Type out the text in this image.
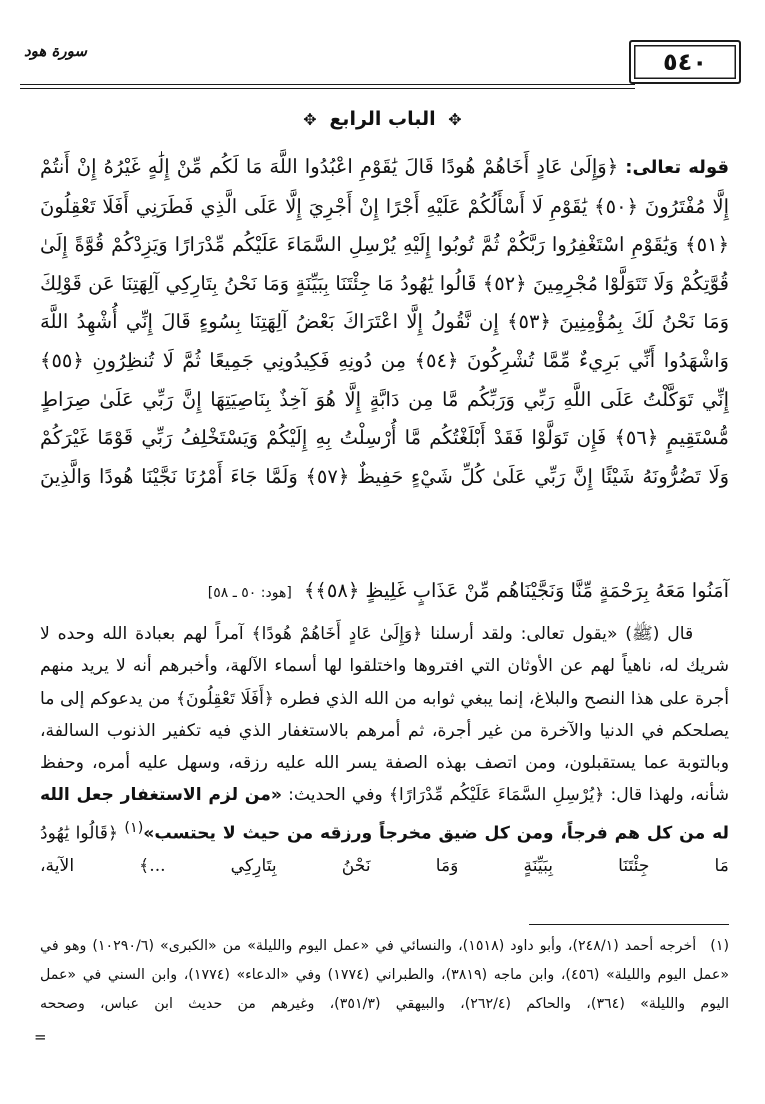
٥٤٠
سورة هود
✥ الباب الرابع ✥
قوله تعالى: ﴿وَإِلَىٰ عَادٍ أَخَاهُمْ هُودًا قَالَ يَٰقَوْمِ اعْبُدُوا اللَّهَ مَا لَكُم مِّنْ إِلَٰهٍ غَيْرُهُ إِنْ أَنتُمْ إِلَّا مُفْتَرُونَ ﴿٥٠﴾ يَٰقَوْمِ لَا أَسْأَلُكُمْ عَلَيْهِ أَجْرًا إِنْ أَجْرِيَ إِلَّا عَلَى الَّذِي فَطَرَنِي أَفَلَا تَعْقِلُونَ ﴿٥١﴾ وَيَٰقَوْمِ اسْتَغْفِرُوا رَبَّكُمْ ثُمَّ تُوبُوا إِلَيْهِ يُرْسِلِ السَّمَاءَ عَلَيْكُم مِّدْرَارًا وَيَزِدْكُمْ قُوَّةً إِلَىٰ قُوَّتِكُمْ وَلَا تَتَوَلَّوْا مُجْرِمِينَ ﴿٥٢﴾ قَالُوا يَٰهُودُ مَا جِئْتَنَا بِبَيِّنَةٍ وَمَا نَحْنُ بِتَارِكِي آلِهَتِنَا عَن قَوْلِكَ وَمَا نَحْنُ لَكَ بِمُؤْمِنِينَ ﴿٥٣﴾ إِن نَّقُولُ إِلَّا اعْتَرَاكَ بَعْضُ آلِهَتِنَا بِسُوءٍ قَالَ إِنِّي أُشْهِدُ اللَّهَ وَاشْهَدُوا أَنِّي بَرِيءٌ مِّمَّا تُشْرِكُونَ ﴿٥٤﴾ مِن دُونِهِ فَكِيدُونِي جَمِيعًا ثُمَّ لَا تُنظِرُونِ ﴿٥٥﴾ إِنِّي تَوَكَّلْتُ عَلَى اللَّهِ رَبِّي وَرَبِّكُم مَّا مِن دَابَّةٍ إِلَّا هُوَ آخِذٌ بِنَاصِيَتِهَا إِنَّ رَبِّي عَلَىٰ صِرَاطٍ مُّسْتَقِيمٍ ﴿٥٦﴾ فَإِن تَوَلَّوْا فَقَدْ أَبْلَغْتُكُم مَّا أُرْسِلْتُ بِهِ إِلَيْكُمْ وَيَسْتَخْلِفُ رَبِّي قَوْمًا غَيْرَكُمْ وَلَا تَضُرُّونَهُ شَيْئًا إِنَّ رَبِّي عَلَىٰ كُلِّ شَيْءٍ حَفِيظٌ ﴿٥٧﴾ وَلَمَّا جَاءَ أَمْرُنَا نَجَّيْنَا هُودًا وَالَّذِينَ
آمَنُوا مَعَهُ بِرَحْمَةٍ مِّنَّا وَنَجَّيْنَاهُم مِّنْ عَذَابٍ غَلِيظٍ ﴿٥٨﴾﴾ [هود: ٥٠ ـ ٥٨]
قال (ﷺ) «يقول تعالى: ولقد أرسلنا ﴿وَإِلَىٰ عَادٍ أَخَاهُمْ هُودًا﴾ آمراً لهم بعبادة الله وحده لا شريك له، ناهياً لهم عن الأوثان التي افتروها واختلقوا لها أسماء الآلهة، وأخبرهم أنه لا يريد منهم أجرة على هذا النصح والبلاغ، إنما يبغي ثوابه من الله الذي فطره ﴿أَفَلَا تَعْقِلُونَ﴾ من يدعوكم إلى ما يصلحكم في الدنيا والآخرة من غير أجرة، ثم أمرهم بالاستغفار الذي فيه تكفير الذنوب السالفة، وبالتوبة عما يستقبلون، ومن اتصف بهذه الصفة يسر الله عليه رزقه، وسهل عليه أمره، وحفظ شأنه، ولهذا قال: ﴿يُرْسِلِ السَّمَاءَ عَلَيْكُم مِّدْرَارًا﴾ وفي الحديث: «من لزم الاستغفار جعل الله له من كل هم فرجاً، ومن كل ضيق مخرجاً ورزقه من حيث لا يحتسب»$^{(١)}$ ﴿قَالُوا يَٰهُودُ مَا جِئْتَنَا بِبَيِّنَةٍ وَمَا نَحْنُ بِتَارِكِي ...﴾ الآية،
(١) أخرجه أحمد (٢٤٨/١)، وأبو داود (١٥١٨)، والنسائي في «عمل اليوم والليلة» من «الكبرى» (١٠٢٩٠/٦) وهو في «عمل اليوم والليلة» (٤٥٦)، وابن ماجه (٣٨١٩)، والطبراني (١٧٧٤) وفي «الدعاء» (١٧٧٤)، وابن السني في «عمل اليوم والليلة» (٣٦٤)، والحاكم (٢٦٢/٤)، والبيهقي (٣٥١/٣)، وغيرهم من حديث ابن عباس، وصححه
=
